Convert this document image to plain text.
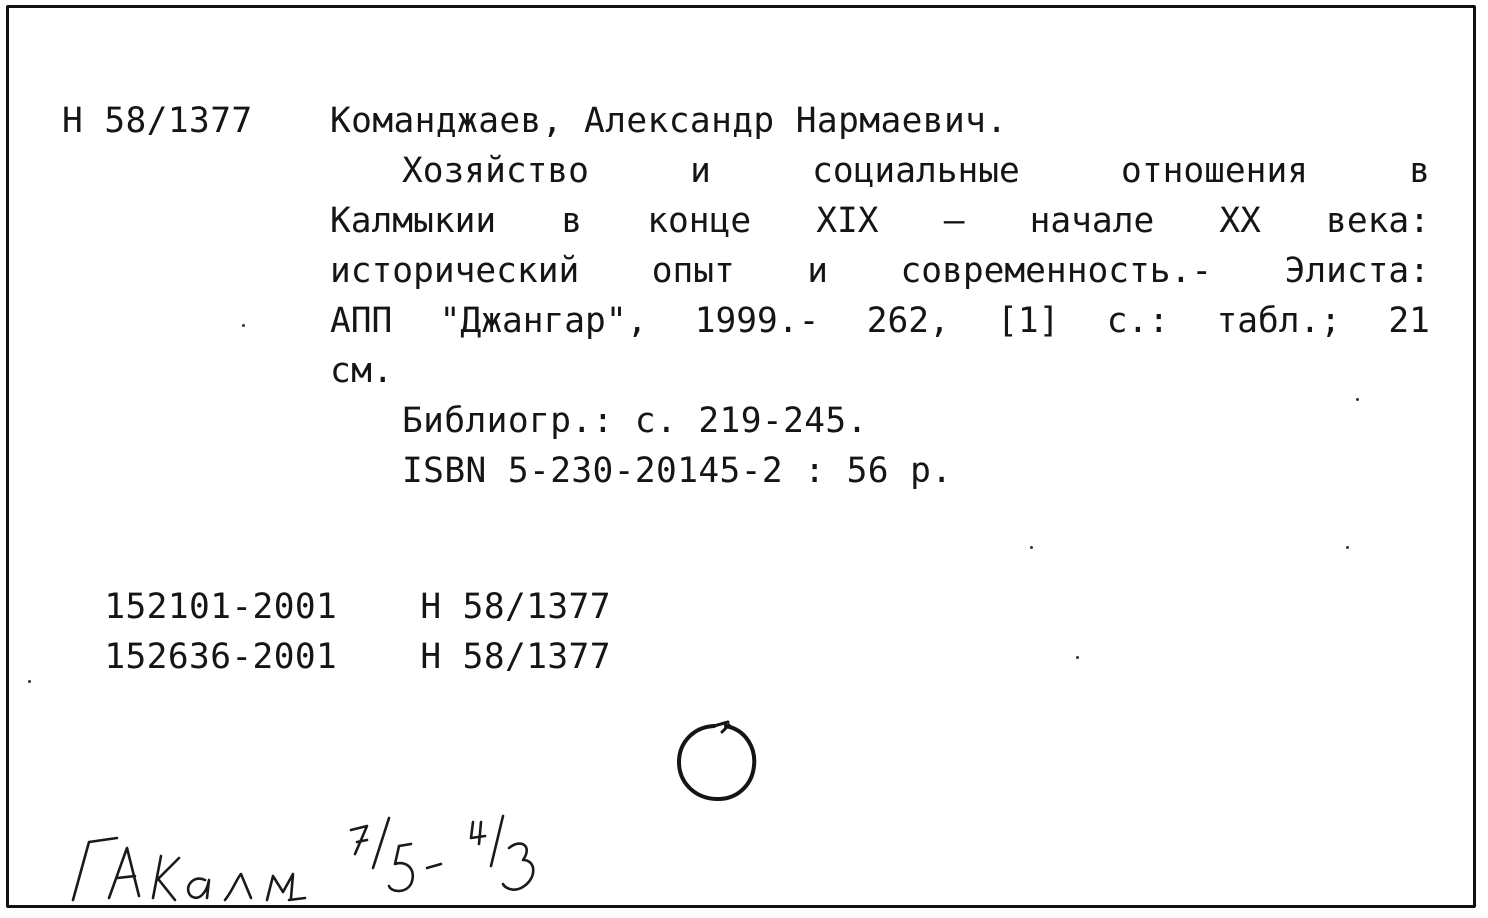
Н 58/1377 Команджаев, Александр Нармаевич.
Хозяйство	и	социальные	отношения	в
Калмыкии в конце XIX – начале XX века:
исторический опыт и современность.- Элиста:
АПП "Джангар", 1999.- 262, [1] с.: табл.; 21
см.
Библиогр.: с. 219-245.
ISBN 5-230-20145-2 : 56 р.

152101-2001	Н 58/1377

152636-2001	Н 58/1377
